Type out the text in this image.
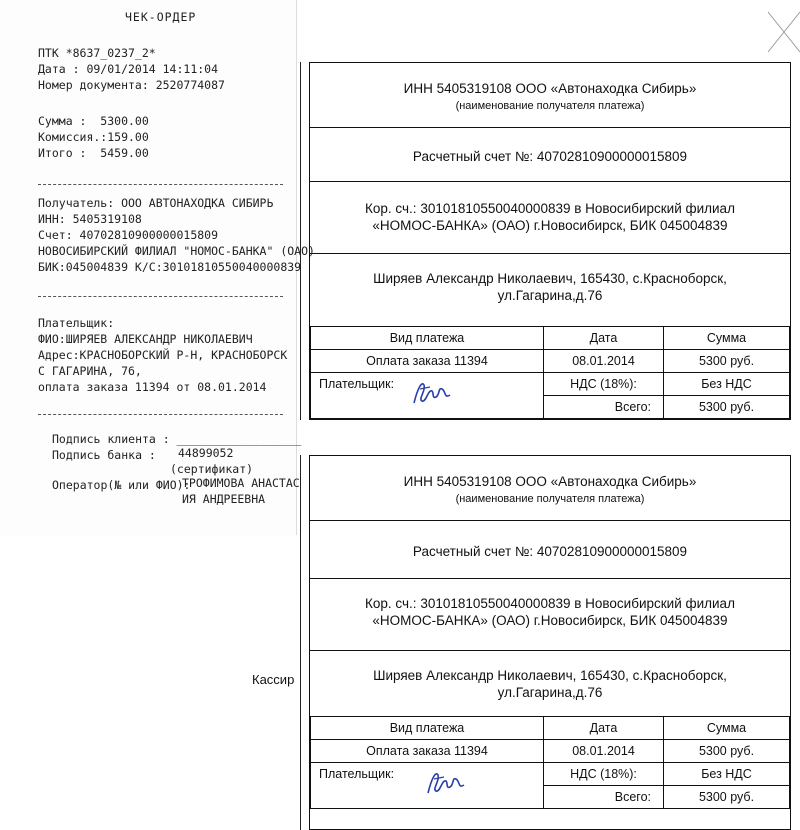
ИНН 5405319108 ООО «Автонаходка Сибирь»
(наименование получателя платежа)
Расчетный счет №: 40702810900000015809
Кор. сч.: 30101810550040000839 в Новосибирский филиал
«НОМОС-БАНКА» (ОАО) г.Новосибирск, БИК 045004839
Ширяев Александр Николаевич, 165430, с.Красноборск,
ул.Гагарина,д.76
Вид платежа	Дата	Сумма
Оплата заказа 11394	08.01.2014	5300 руб.
Плательщик:	НДС (18%):	Без НДС
	Всего:	5300 руб.
ИНН 5405319108 ООО «Автонаходка Сибирь»
(наименование получателя платежа)
Расчетный счет №: 40702810900000015809
Кор. сч.: 30101810550040000839 в Новосибирский филиал
«НОМОС-БАНКА» (ОАО) г.Новосибирск, БИК 045004839
Ширяев Александр Николаевич, 165430, с.Красноборск,
ул.Гагарина,д.76
Вид платежа	Дата	Сумма
Оплата заказа 11394	08.01.2014	5300 руб.
Плательщик:	НДС (18%):	Без НДС
	Всего:	5300 руб.
Кассир
ЧЕК-ОРДЕР
ПТК *8637_0237_2*
Дата : 09/01/2014 14:11:04
Номер документа: 2520774087
Сумма :  5300.00
Комиссия.:159.00
Итого :  5459.00
Получатель: ООО АВТОНАХОДКА СИБИРЬ
ИНН: 5405319108
Счет: 40702810900000015809
НОВОСИБИРСКИЙ ФИЛИАЛ "НОМОС-БАНКА" (ОАО)
БИК:045004839 К/С:30101810550040000839
Плательщик:
ФИО:ШИРЯЕВ АЛЕКСАНДР НИКОЛАЕВИЧ
Адрес:КРАСНОБОРСКИЙ Р-Н, КРАСНОБОРСК
С ГАГАРИНА, 76,
оплата заказа 11394 от 08.01.2014
Подпись клиента : __________________
Подпись банка : 44899052
(сертификат)
Оператор(№ или ФИО):
ТРОФИМОВА АНАСТАС
ИЯ АНДРЕЕВНА
